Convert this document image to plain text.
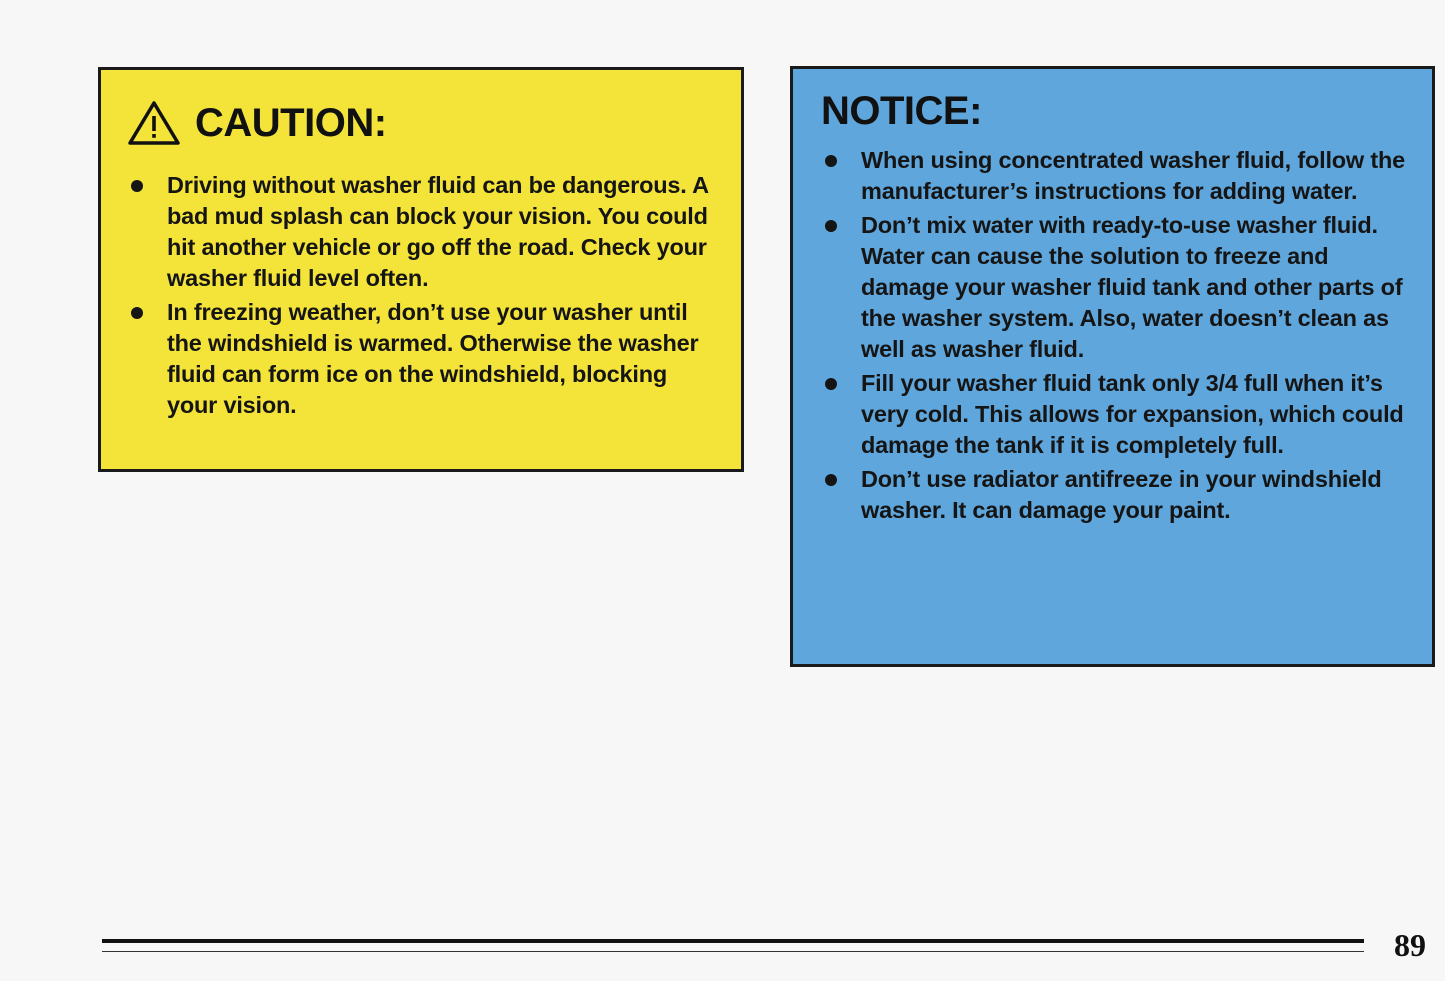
CAUTION:
Driving without washer fluid can be dangerous. A bad mud splash can block your vision. You could hit another vehicle or go off the road. Check your washer fluid level often.
In freezing weather, don’t use your washer until the windshield is warmed. Otherwise the washer fluid can form ice on the windshield, blocking your vision.
NOTICE:
When using concentrated washer fluid, follow the manufacturer’s instructions for adding water.
Don’t mix water with ready-to-use washer fluid. Water can cause the solution to freeze and damage your washer fluid tank and other parts of the washer system. Also, water doesn’t clean as well as washer fluid.
Fill your washer fluid tank only 3/4 full when it’s very cold. This allows for expansion, which could damage the tank if it is completely full.
Don’t use radiator antifreeze in your windshield washer. It can damage your paint.
89
